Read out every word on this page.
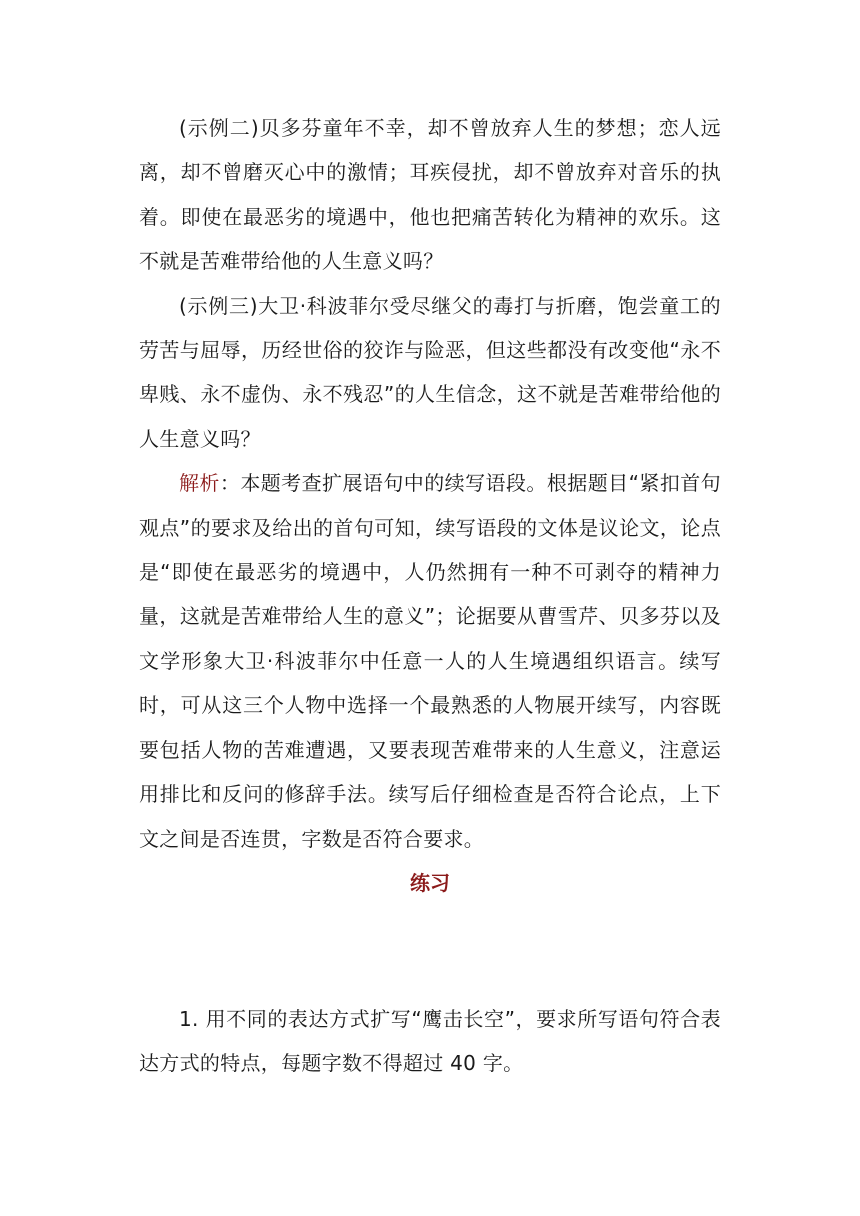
(示例二)贝多芬童年不幸，却不曾放弃人生的梦想；恋人远离，却不曾磨灭心中的激情；耳疾侵扰，却不曾放弃对音乐的执着。即使在最恶劣的境遇中，他也把痛苦转化为精神的欢乐。这不就是苦难带给他的人生意义吗？

(示例三)大卫·科波菲尔受尽继父的毒打与折磨，饱尝童工的劳苦与屈辱，历经世俗的狡诈与险恶，但这些都没有改变他“永不卑贱、永不虚伪、永不残忍”的人生信念，这不就是苦难带给他的人生意义吗？

解析：本题考查扩展语句中的续写语段。根据题目“紧扣首句观点”的要求及给出的首句可知，续写语段的文体是议论文，论点是“即使在最恶劣的境遇中，人仍然拥有一种不可剥夺的精神力量，这就是苦难带给人生的意义”；论据要从曹雪芹、贝多芬以及文学形象大卫·科波菲尔中任意一人的人生境遇组织语言。续写时，可从这三个人物中选择一个最熟悉的人物展开续写，内容既要包括人物的苦难遭遇，又要表现苦难带来的人生意义，注意运用排比和反问的修辞手法。续写后仔细检查是否符合论点，上下文之间是否连贯，字数是否符合要求。

练习

1. 用不同的表达方式扩写“鹰击长空”，要求所写语句符合表达方式的特点，每题字数不得超过 40 字。
